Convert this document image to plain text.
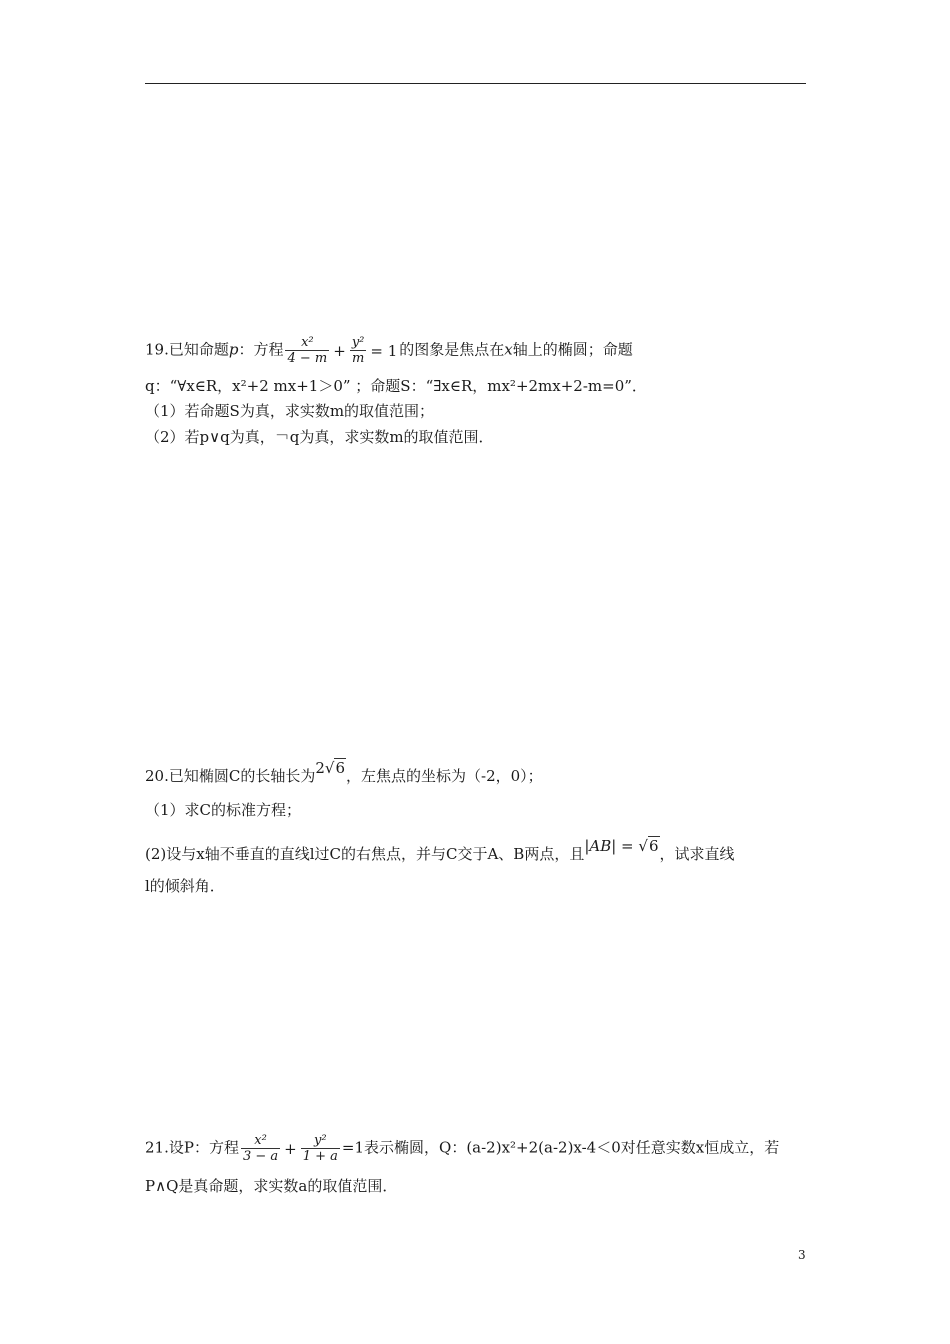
19.已知命题p：方程 $\frac{\text{x²}}{4 - m} + \frac{\text{y²}}{m} = 1$ 的图象是焦点在x轴上的椭圆；命题
q：“∀x∈R，x²+2 mx+1＞0” ；命题S：“∃x∈R，mx²+2mx+2-m=0”．
（1）若命题S为真，求实数m的取值范围；
（2）若p∨q为真，￢q为真，求实数m的取值范围．
20.已知椭圆C的长轴长为2√6，左焦点的坐标为（-2，0）；
（1）求C的标准方程；
(2)设与x轴不垂直的直线l过C的右焦点，并与C交于A、B两点，且|AB| = √6，试求直线
l的倾斜角．
21.设P：方程 $\frac{\text{x²}}{3 - a} + \frac{\text{y²}}{1 + a} =1$表示椭圆，Q：(a-2)x²+2(a-2)x-4＜0对任意实数x恒成立，若
P∧Q是真命题，求实数a的取值范围．
3
